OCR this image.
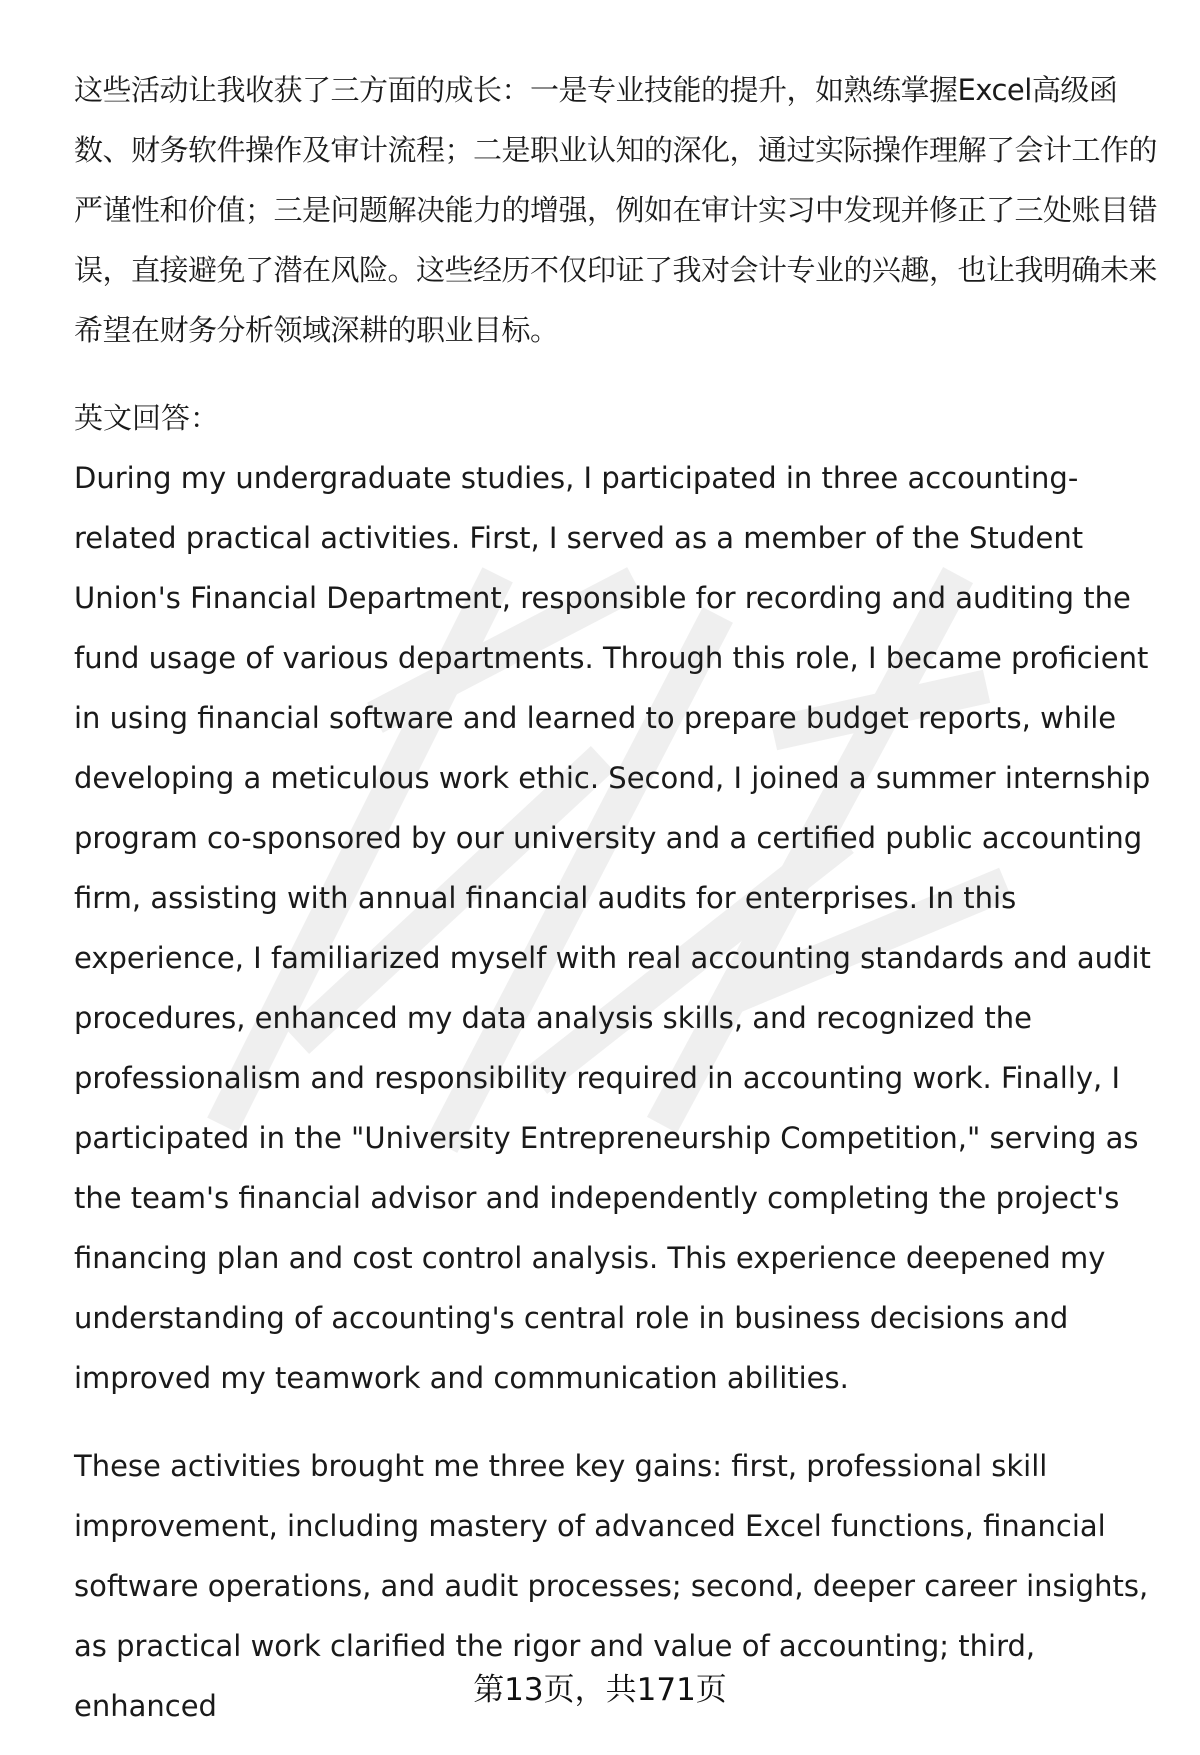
这些活动让我收获了三方面的成长：一是专业技能的提升，如熟练掌握Excel高级函数、财务软件操作及审计流程；二是职业认知的深化，通过实际操作理解了会计工作的严谨性和价值；三是问题解决能力的增强，例如在审计实习中发现并修正了三处账目错误，直接避免了潜在风险。这些经历不仅印证了我对会计专业的兴趣，也让我明确未来希望在财务分析领域深耕的职业目标。

英文回答：

During my undergraduate studies, I participated in three accounting-related practical activities. First, I served as a member of the Student Union's Financial Department, responsible for recording and auditing the fund usage of various departments. Through this role, I became proficient in using financial software and learned to prepare budget reports, while developing a meticulous work ethic. Second, I joined a summer internship program co-sponsored by our university and a certified public accounting firm, assisting with annual financial audits for enterprises. In this experience, I familiarized myself with real accounting standards and audit procedures, enhanced my data analysis skills, and recognized the professionalism and responsibility required in accounting work. Finally, I participated in the "University Entrepreneurship Competition," serving as the team's financial advisor and independently completing the project's financing plan and cost control analysis. This experience deepened my understanding of accounting's central role in business decisions and improved my teamwork and communication abilities.

These activities brought me three key gains: first, professional skill improvement, including mastery of advanced Excel functions, financial software operations, and audit processes; second, deeper career insights, as practical work clarified the rigor and value of accounting; third, enhanced	第13页，共171页
